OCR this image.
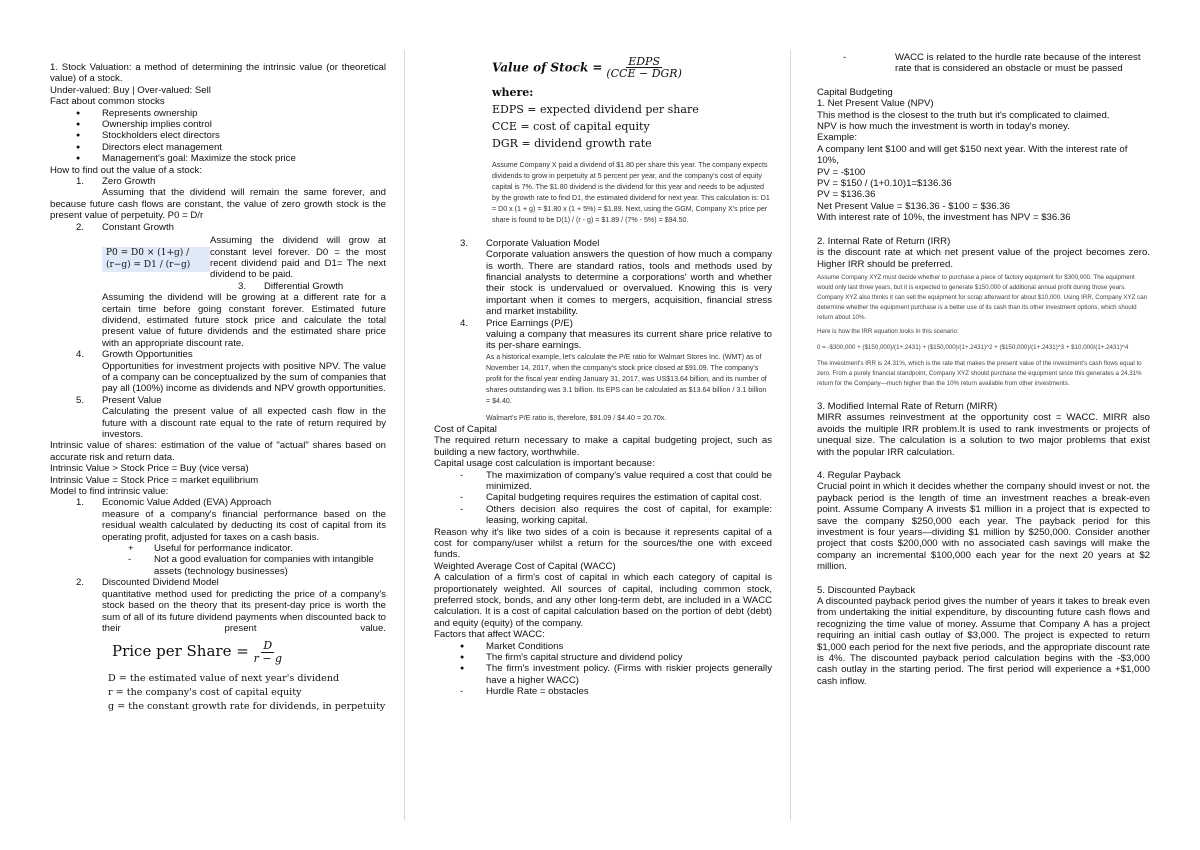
1. Stock Valuation: a method of determining the intrinsic value (or theoretical value) of a stock.

Under-valued: Buy | Over-valued: Sell

Fact about common stocks

●	Represents ownership
●	Ownership implies control
●	Stockholders elect directors
●	Directors elect management
●	Management's goal: Maximize the stock price

How to find out the value of a stock:

1.	Zero Growth

Assuming that the dividend will remain the same forever, and because future cash flows are constant, the value of zero growth stock is the present value of perpetuity. P0 = D/r

2.	Constant Growth
P0 = D0 × (1+g) / (r−g) = D1 / (r−g)

Assuming the dividend will grow at constant level forever. D0 = the most recent dividend paid and D1= The next dividend to be paid.

3.	Differential Growth

Assuming the dividend will be growing at a different rate for a certain time before going constant forever. Estimated future dividend, estimated future stock price and calculate the total present value of future dividends and the estimated share price with an appropriate discount rate.

4.	Growth Opportunities

Opportunities for investment projects with positive NPV. The value of a company can be conceptualized by the sum of companies that pay all (100%) income as dividends and NPV growth opportunities.

5.	Present Value

Calculating the present value of all expected cash flow in the future with a discount rate equal to the rate of return required by investors.

Intrinsic value of shares: estimation of the value of "actual" shares based on accurate risk and return data.

Intrinsic Value > Stock Price = Buy (vice versa)

Intrinsic Value = Stock Price = market equilibrium

Model to find intrinsic value:

1.	Economic Value Added (EVA) Approach

measure of a company's financial performance based on the residual wealth calculated by deducting its cost of capital from its operating profit, adjusted for taxes on a cash basis.

+	Useful for performance indicator.
-	Not a good evaluation for companies with intangible assets (technology businesses)
2.	Discounted Dividend Model

quantitative method used for predicting the price of a company's stock based on the theory that its present-day price is worth the sum of all of its future dividend payments when discounted back to their present value.

Price per Share = $\frac{D}{r - g}$

D = the estimated value of next year's dividend

r = the company's cost of capital equity

g = the constant growth rate for dividends, in perpetuity

Value of Stock = $\frac{\text{EDPS}}{\text{(CCE − DGR)}}$

where:

EDPS = expected dividend per share

CCE = cost of capital equity

DGR = dividend growth rate

Assume Company X paid a dividend of $1.80 per share this year. The company expects dividends to grow in perpetuity at 5 percent per year, and the company's cost of equity capital is 7%. The $1.80 dividend is the dividend for this year and needs to be adjusted by the growth rate to find D1, the estimated dividend for next year. This calculation is: D1 = D0 x (1 + g) = $1.80 x (1 + 5%) = $1.89. Next, using the GGM, Company X's price per share is found to be D(1) / (r - g) = $1.89 / (7% - 5%) = $94.50.

3.	Corporate Valuation Model

Corporate valuation answers the question of how much a company is worth. There are standard ratios, tools and methods used by financial analysts to determine a corporations' worth and whether their stock is undervalued or overvalued. Knowing this is very important when it comes to mergers, acquisition, financial stress and market instability.

4.	Price Earnings (P/E)

valuing a company that measures its current share price relative to its per-share earnings.

As a historical example, let's calculate the P/E ratio for Walmart Stores Inc. (WMT) as of November 14, 2017, when the company's stock price closed at $91.09. The company's profit for the fiscal year ending January 31, 2017, was US$13.64 billion, and its number of shares outstanding was 3.1 billion. Its EPS can be calculated as $13.64 billion / 3.1 billion = $4.40.

Walmart's P/E ratio is, therefore, $91.09 / $4.40 = 20.70x.

Cost of Capital

The required return necessary to make a capital budgeting project, such as building a new factory, worthwhile.

Capital usage cost calculation is important because:

-	The maximization of company's value required a cost that could be minimized.
-	Capital budgeting requires requires the estimation of capital cost.
-	Others decision also requires the cost of capital, for example: leasing, working capital.

Reason why it's like two sides of a coin is because it represents capital of a cost for company/user whilst a return for the sources/the one with exceed funds.

Weighted Average Cost of Capital (WACC)

A calculation of a firm's cost of capital in which each category of capital is proportionately weighted. All sources of capital, including common stock, preferred stock, bonds, and any other long-term debt, are included in a WACC calculation. It is a cost of capital calculation based on the portion of debt (debt) and equity (equity) of the company.

Factors that affect WACC:

●	Market Conditions
●	The firm's capital structure and dividend policy
●	The firm's investment policy. (Firms with riskier projects generally have a higher WACC)
-	Hurdle Rate = obstacles
-	WACC is related to the hurdle rate because of the interest rate that is considered an obstacle or must be passed

Capital Budgeting

1. Net Present Value (NPV)

This method is the closest to the truth but it's complicated to claimed.

NPV is how much the investment is worth in today's money.

Example:

A company lent $100 and will get $150 next year. With the interest rate of 10%,

PV = -$100

PV = $150 / (1+0.10)1=$136.36

PV = $136.36

Net Present Value = $136.36 - $100 = $36.36

With interest rate of 10%, the investment has NPV = $36.36

2. Internal Rate of Return (IRR)

is the discount rate at which net present value of the project becomes zero. Higher IRR should be preferred.

Assume Company XYZ must decide whether to purchase a piece of factory equipment for $300,000. The equipment would only last three years, but it is expected to generate $150,000 of additional annual profit during those years. Company XYZ also thinks it can sell the equipment for scrap afterward for about $10,000. Using IRR, Company XYZ can determine whether the equipment purchase is a better use of its cash than its other investment options, which should return about 10%.

Here is how the IRR equation looks in this scenario:

0 = -$300,000 + ($150,000)/(1+.2431) + ($150,000)/(1+.2431)^2 + ($150,000)/(1+.2431)^3 + $10,000/(1+.2431)^4

The investment's IRR is 24.31%, which is the rate that makes the present value of the investment's cash flows equal to zero. From a purely financial standpoint, Company XYZ should purchase the equipment since this generates a 24.31% return for the Company—much higher than the 10% return available from other investments.

3. Modified Internal Rate of Return (MIRR)

MIRR assumes reinvestment at the opportunity cost = WACC. MIRR also avoids the multiple IRR problem.It is used to rank investments or projects of unequal size. The calculation is a solution to two major problems that exist with the popular IRR calculation.

4. Regular Payback

Crucial point in which it decides whether the company should invest or not. the payback period is the length of time an investment reaches a break-even point. Assume Company A invests $1 million in a project that is expected to save the company $250,000 each year. The payback period for this investment is four years—dividing $1 million by $250,000. Consider another project that costs $200,000 with no associated cash savings will make the company an incremental $100,000 each year for the next 20 years at $2 million.

5. Discounted Payback

A discounted payback period gives the number of years it takes to break even from undertaking the initial expenditure, by discounting future cash flows and recognizing the time value of money. Assume that Company A has a project requiring an initial cash outlay of $3,000. The project is expected to return $1,000 each period for the next five periods, and the appropriate discount rate is 4%. The discounted payback period calculation begins with the -$3,000 cash outlay in the starting period. The first period will experience a +$1,000 cash inflow.
